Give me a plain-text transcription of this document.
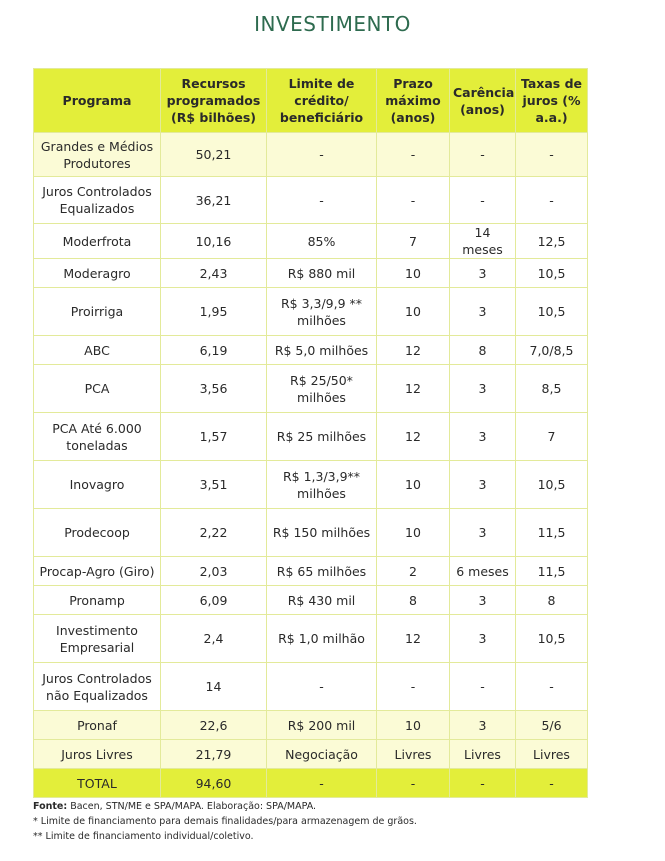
INVESTIMENTO
Programa	Recursos programados (R$ bilhões)	Limite de crédito/ beneficiário	Prazo máximo (anos)	Carência (anos)	Taxas de juros (% a.a.)
Grandes e Médios Produtores	50,21	-	-	-	-
Juros Controlados Equalizados	36,21	-	-	-	-
Moderfrota	10,16	85%	7	14 meses	12,5
Moderagro	2,43	R$ 880 mil	10	3	10,5
Proirriga	1,95	R$ 3,3/9,9 ** milhões	10	3	10,5
ABC	6,19	R$ 5,0 milhões	12	8	7,0/8,5
PCA	3,56	R$ 25/50* milhões	12	3	8,5
PCA Até 6.000 toneladas	1,57	R$ 25 milhões	12	3	7
Inovagro	3,51	R$ 1,3/3,9** milhões	10	3	10,5
Prodecoop	2,22	R$ 150 milhões	10	3	11,5
Procap-Agro (Giro)	2,03	R$ 65 milhões	2	6 meses	11,5
Pronamp	6,09	R$ 430 mil	8	3	8
Investimento Empresarial	2,4	R$ 1,0 milhão	12	3	10,5
Juros Controlados não Equalizados	14	-	-	-	-
Pronaf	22,6	R$ 200 mil	10	3	5/6
Juros Livres	21,79	Negociação	Livres	Livres	Livres
TOTAL	94,60	-	-	-	-
Fonte: Bacen, STN/ME e SPA/MAPA. Elaboração: SPA/MAPA.
* Limite de financiamento para demais finalidades/para armazenagem de grãos.
** Limite de financiamento individual/coletivo.
